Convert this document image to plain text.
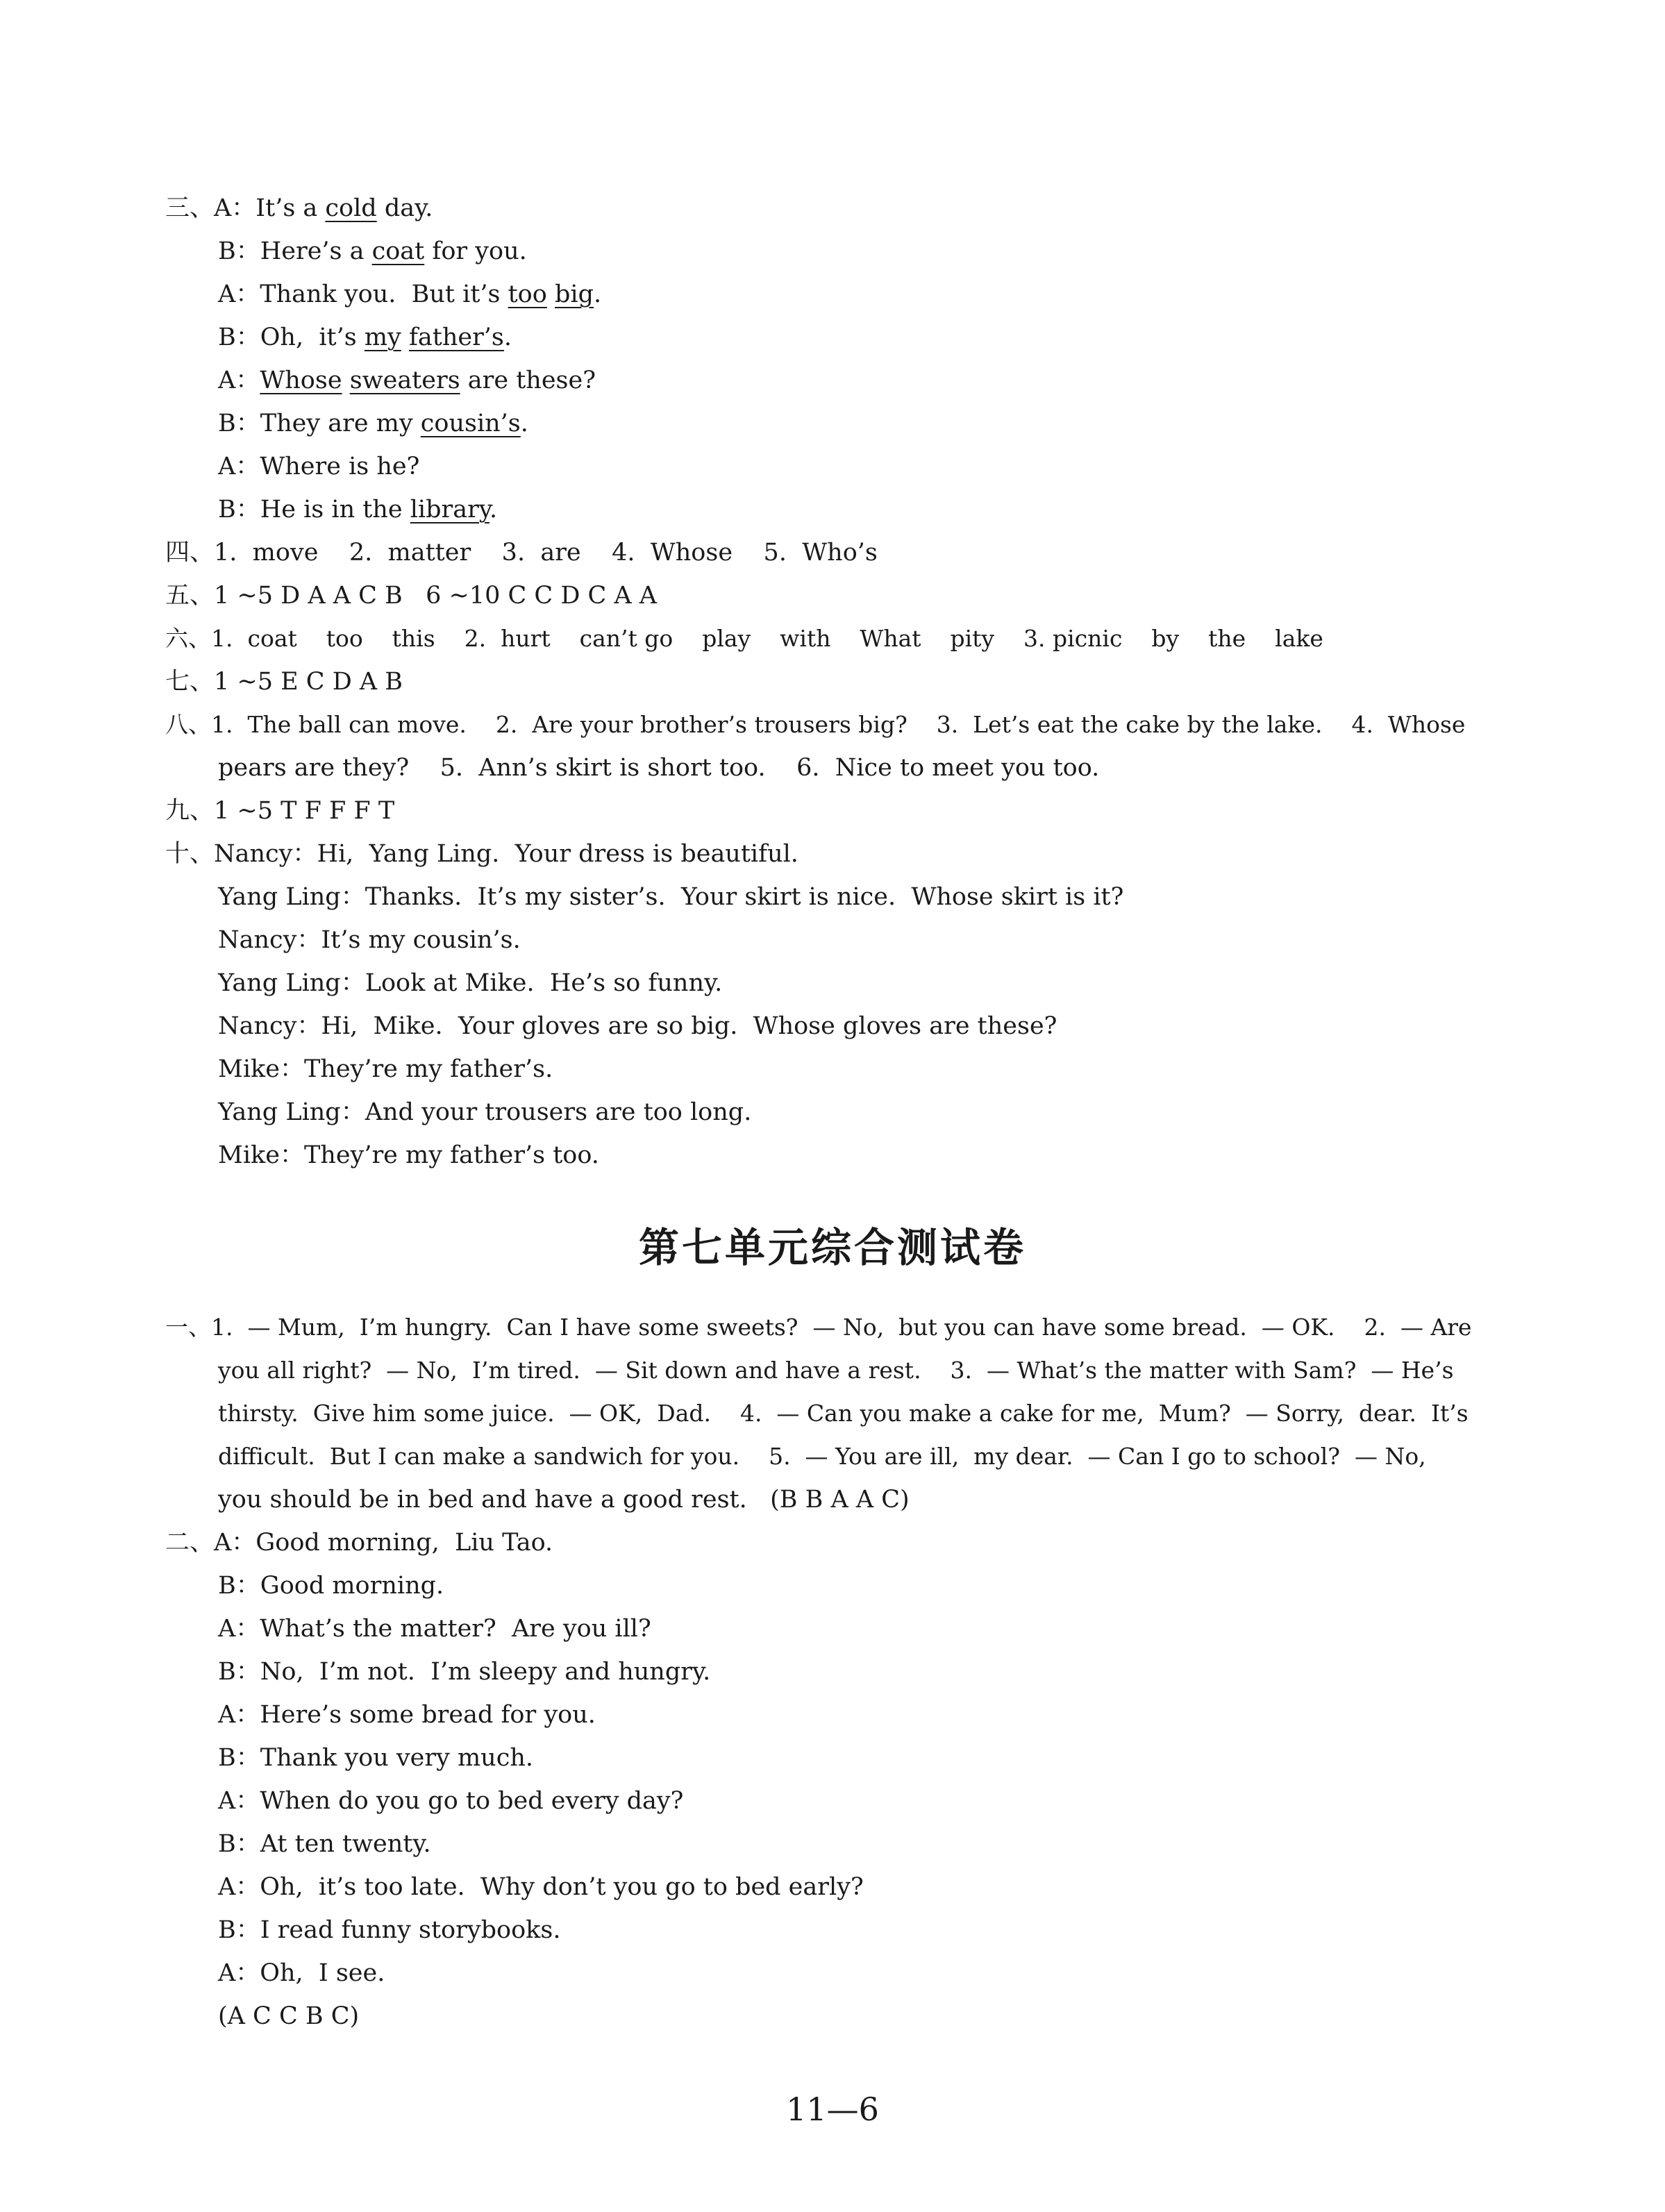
三、A：It’s a cold day.
B：Here’s a coat for you.
A：Thank you.  But it’s too big.
B：Oh,  it’s my father’s.
A：Whose sweaters are these?
B：They are my cousin’s.
A：Where is he?
B：He is in the library.
四、1.  move    2.  matter    3.  are    4.  Whose    5.  Who’s
五、1 ~5 D A A C B   6 ~10 C C D C A A
六、1.  coat    too    this    2.  hurt    can’t go    play    with    What    pity    3. picnic    by    the    lake
七、1 ~5 E C D A B
八、1.  The ball can move.    2.  Are your brother’s trousers big?    3.  Let’s eat the cake by the lake.    4.  Whose
pears are they?    5.  Ann’s skirt is short too.    6.  Nice to meet you too.
九、1 ~5 T F F F T
十、Nancy：Hi,  Yang Ling.  Your dress is beautiful.
Yang Ling：Thanks.  It’s my sister’s.  Your skirt is nice.  Whose skirt is it?
Nancy：It’s my cousin’s.
Yang Ling：Look at Mike.  He’s so funny.
Nancy：Hi,  Mike.  Your gloves are so big.  Whose gloves are these?
Mike：They’re my father’s.
Yang Ling：And your trousers are too long.
Mike：They’re my father’s too.
第七单元综合测试卷
一、1.  — Mum,  I’m hungry.  Can I have some sweets?  — No,  but you can have some bread.  — OK.    2.  — Are
you all right?  — No,  I’m tired.  — Sit down and have a rest.    3.  — What’s the matter with Sam?  — He’s
thirsty.  Give him some juice.  — OK,  Dad.    4.  — Can you make a cake for me,  Mum?  — Sorry,  dear.  It’s
difficult.  But I can make a sandwich for you.    5.  — You are ill,  my dear.  — Can I go to school?  — No,
you should be in bed and have a good rest.   (B B A A C)
二、A：Good morning,  Liu Tao.
B：Good morning.
A：What’s the matter?  Are you ill?
B：No,  I’m not.  I’m sleepy and hungry.
A：Here’s some bread for you.
B：Thank you very much.
A：When do you go to bed every day?
B：At ten twenty.
A：Oh,  it’s too late.  Why don’t you go to bed early?
B：I read funny storybooks.
A：Oh,  I see.
(A C C B C)
11—6
